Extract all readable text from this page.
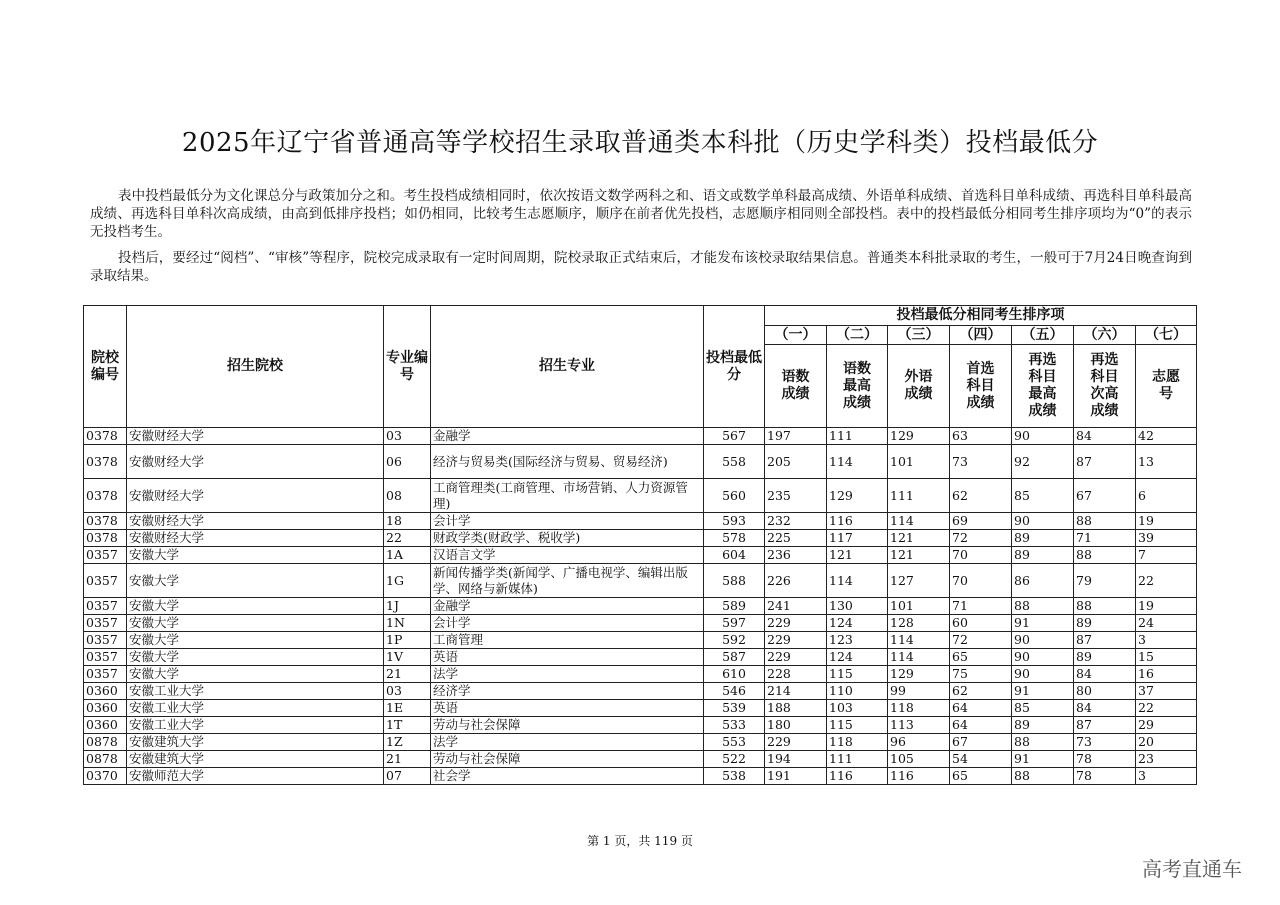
2025年辽宁省普通高等学校招生录取普通类本科批（历史学科类）投档最低分
表中投档最低分为文化课总分与政策加分之和。考生投档成绩相同时，依次按语文数学两科之和、语文或数学单科最高成绩、外语单科成绩、首选科目单科成绩、再选科目单科最高成绩、再选科目单科次高成绩，由高到低排序投档；如仍相同，比较考生志愿顺序，顺序在前者优先投档，志愿顺序相同则全部投档。表中的投档最低分相同考生排序项均为“0”的表示无投档考生。
投档后，要经过“阅档”、“审核”等程序，院校完成录取有一定时间周期，院校录取正式结束后，才能发布该校录取结果信息。普通类本科批录取的考生，一般可于7月24日晚查询到录取结果。
院校编号	招生院校	专业编号	招生专业	投档最低分	投档最低分相同考生排序项						
					（一）	（二）	（三）	（四）	（五）	（六）	（七）
					语数成绩	语数最高成绩	外语成绩	首选科目成绩	再选科目最高成绩	再选科目次高成绩	志愿号
0378	安徽财经大学	03	金融学	567	197	111	129	63	90	84	42
0378	安徽财经大学	06	经济与贸易类(国际经济与贸易、贸易经济)	558	205	114	101	73	92	87	13
0378	安徽财经大学	08	工商管理类(工商管理、市场营销、人力资源管理)	560	235	129	111	62	85	67	6
0378	安徽财经大学	18	会计学	593	232	116	114	69	90	88	19
0378	安徽财经大学	22	财政学类(财政学、税收学)	578	225	117	121	72	89	71	39
0357	安徽大学	1A	汉语言文学	604	236	121	121	70	89	88	7
0357	安徽大学	1G	新闻传播学类(新闻学、广播电视学、编辑出版学、网络与新媒体)	588	226	114	127	70	86	79	22
0357	安徽大学	1J	金融学	589	241	130	101	71	88	88	19
0357	安徽大学	1N	会计学	597	229	124	128	60	91	89	24
0357	安徽大学	1P	工商管理	592	229	123	114	72	90	87	3
0357	安徽大学	1V	英语	587	229	124	114	65	90	89	15
0357	安徽大学	21	法学	610	228	115	129	75	90	84	16
0360	安徽工业大学	03	经济学	546	214	110	99	62	91	80	37
0360	安徽工业大学	1E	英语	539	188	103	118	64	85	84	22
0360	安徽工业大学	1T	劳动与社会保障	533	180	115	113	64	89	87	29
0878	安徽建筑大学	1Z	法学	553	229	118	96	67	88	73	20
0878	安徽建筑大学	21	劳动与社会保障	522	194	111	105	54	91	78	23
0370	安徽师范大学	07	社会学	538	191	116	116	65	88	78	3
第 1 页，共 119 页
高考直通车
